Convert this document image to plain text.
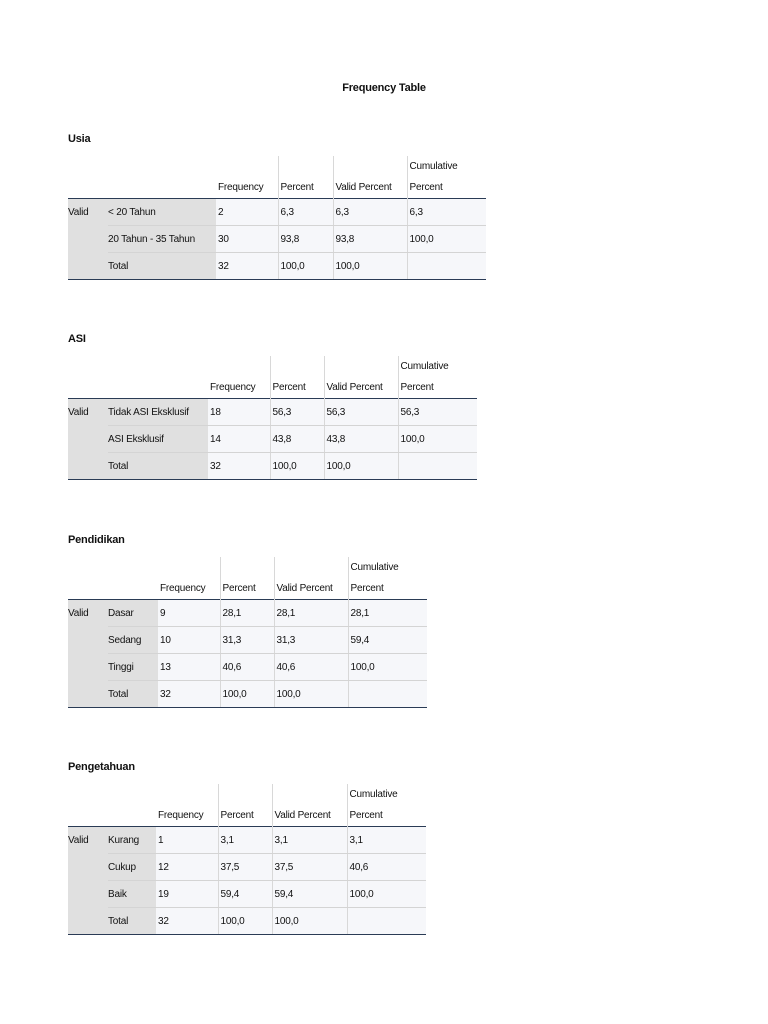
Frequency Table
Usia
					Cumulative
		Frequency	Percent	Valid Percent	Percent
Valid	< 20 Tahun	2	6,3	6,3	6,3
	20 Tahun - 35 Tahun	30	93,8	93,8	100,0
	Total	32	100,0	100,0	
ASI
					Cumulative
		Frequency	Percent	Valid Percent	Percent
Valid	Tidak ASI Eksklusif	18	56,3	56,3	56,3
	ASI Eksklusif	14	43,8	43,8	100,0
	Total	32	100,0	100,0	
Pendidikan
					Cumulative
		Frequency	Percent	Valid Percent	Percent
Valid	Dasar	9	28,1	28,1	28,1
	Sedang	10	31,3	31,3	59,4
	Tinggi	13	40,6	40,6	100,0
	Total	32	100,0	100,0	
Pengetahuan
					Cumulative
		Frequency	Percent	Valid Percent	Percent
Valid	Kurang	1	3,1	3,1	3,1
	Cukup	12	37,5	37,5	40,6
	Baik	19	59,4	59,4	100,0
	Total	32	100,0	100,0	
